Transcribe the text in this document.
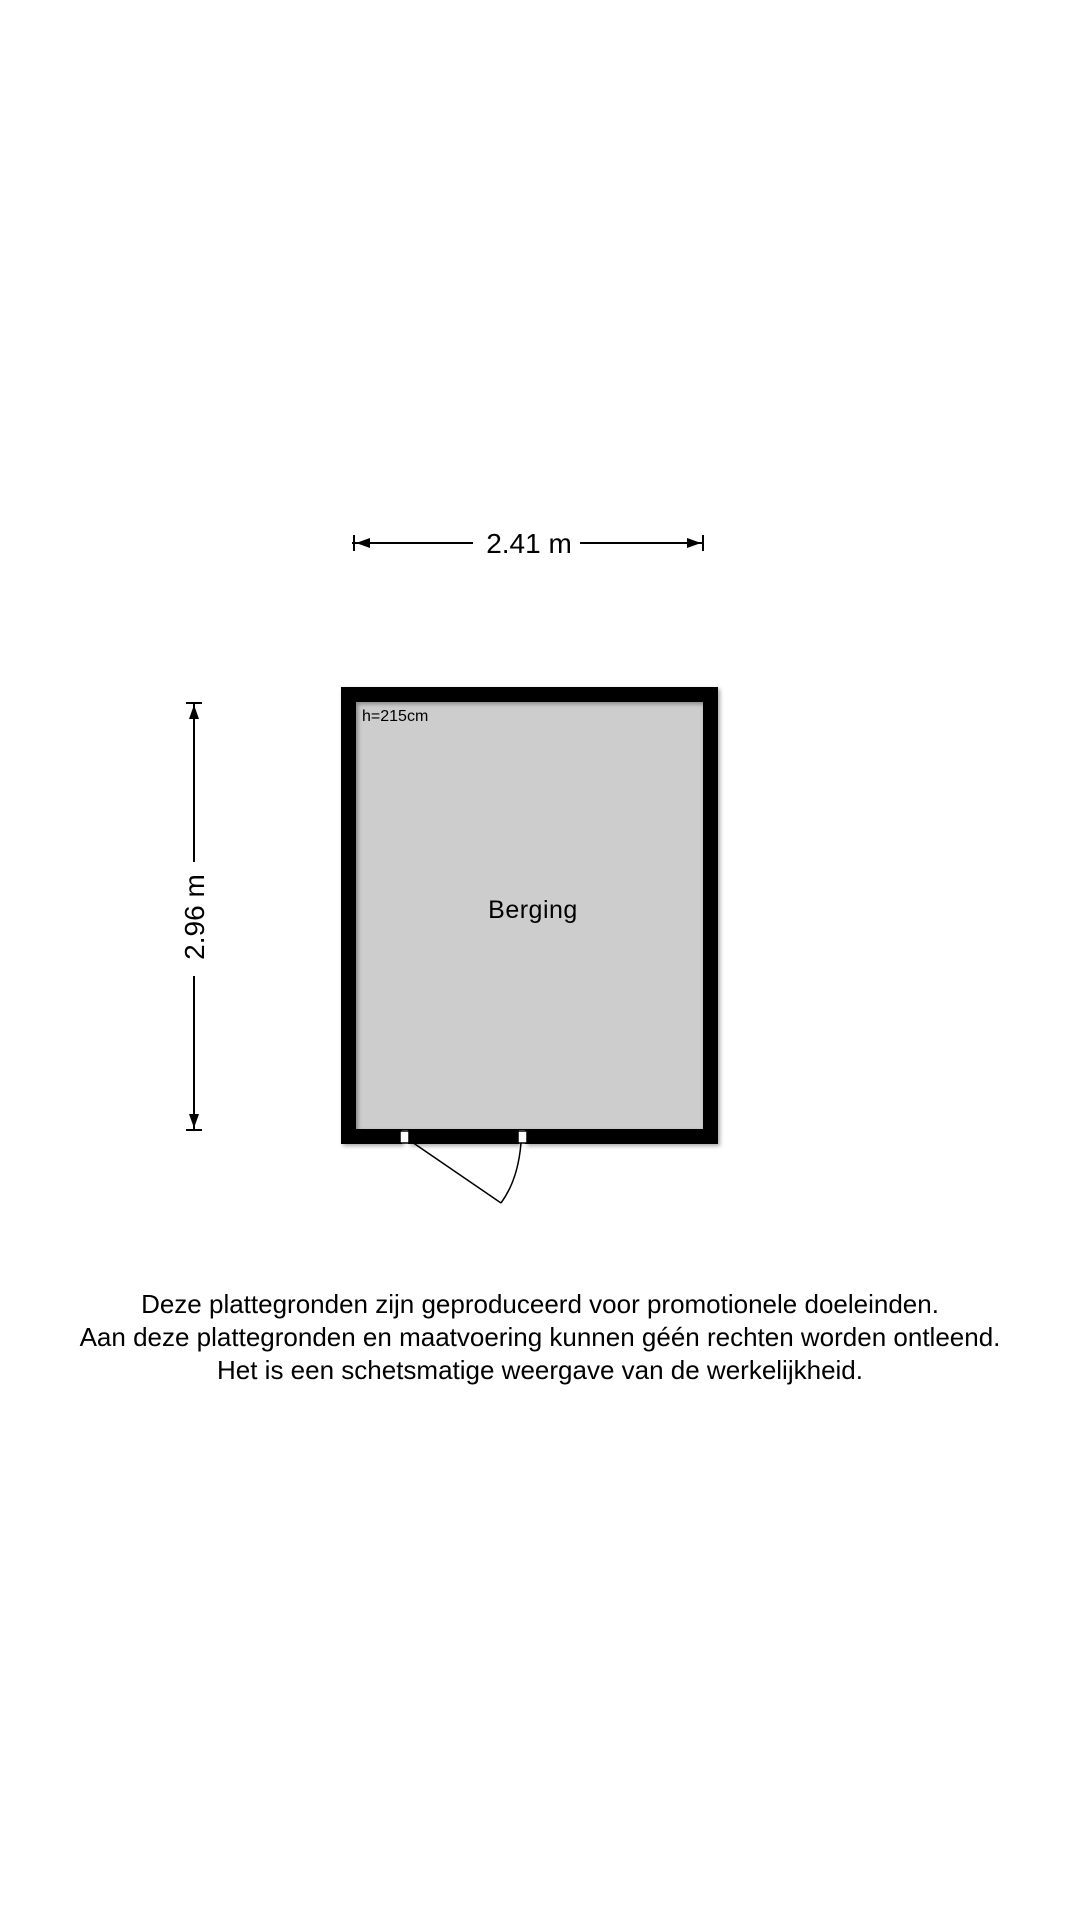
2.41 m
2.96 m
h=215cm
Berging
Deze plattegronden zijn geproduceerd voor promotionele doeleinden.
Aan deze plattegronden en maatvoering kunnen géén rechten worden ontleend.
Het is een schetsmatige weergave van de werkelijkheid.
